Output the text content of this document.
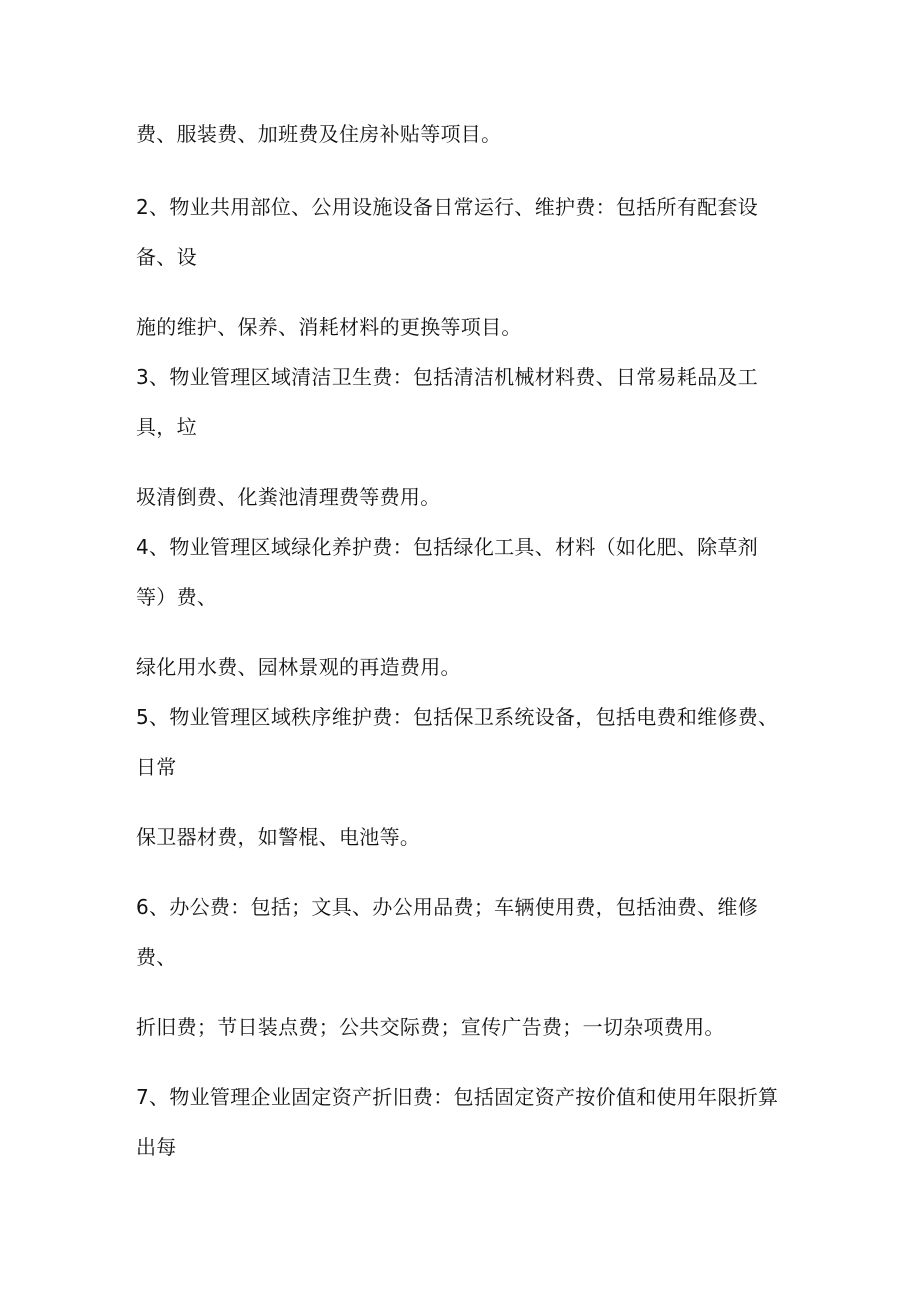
费、服装费、加班费及住房补贴等项目。
2、物业共用部位、公用设施设备日常运行、维护费：包括所有配套设
备、设
施的维护、保养、消耗材料的更换等项目。
3、物业管理区域清洁卫生费：包括清洁机械材料费、日常易耗品及工
具，垃
圾清倒费、化粪池清理费等费用。
4、物业管理区域绿化养护费：包括绿化工具、材料（如化肥、除草剂
等）费、
绿化用水费、园林景观的再造费用。
5、物业管理区域秩序维护费：包括保卫系统设备，包括电费和维修费、
日常
保卫器材费，如警棍、电池等。
6、办公费：包括；文具、办公用品费；车辆使用费，包括油费、维修
费、
折旧费；节日装点费；公共交际费；宣传广告费；一切杂项费用。
7、物业管理企业固定资产折旧费：包括固定资产按价值和使用年限折算
出每
